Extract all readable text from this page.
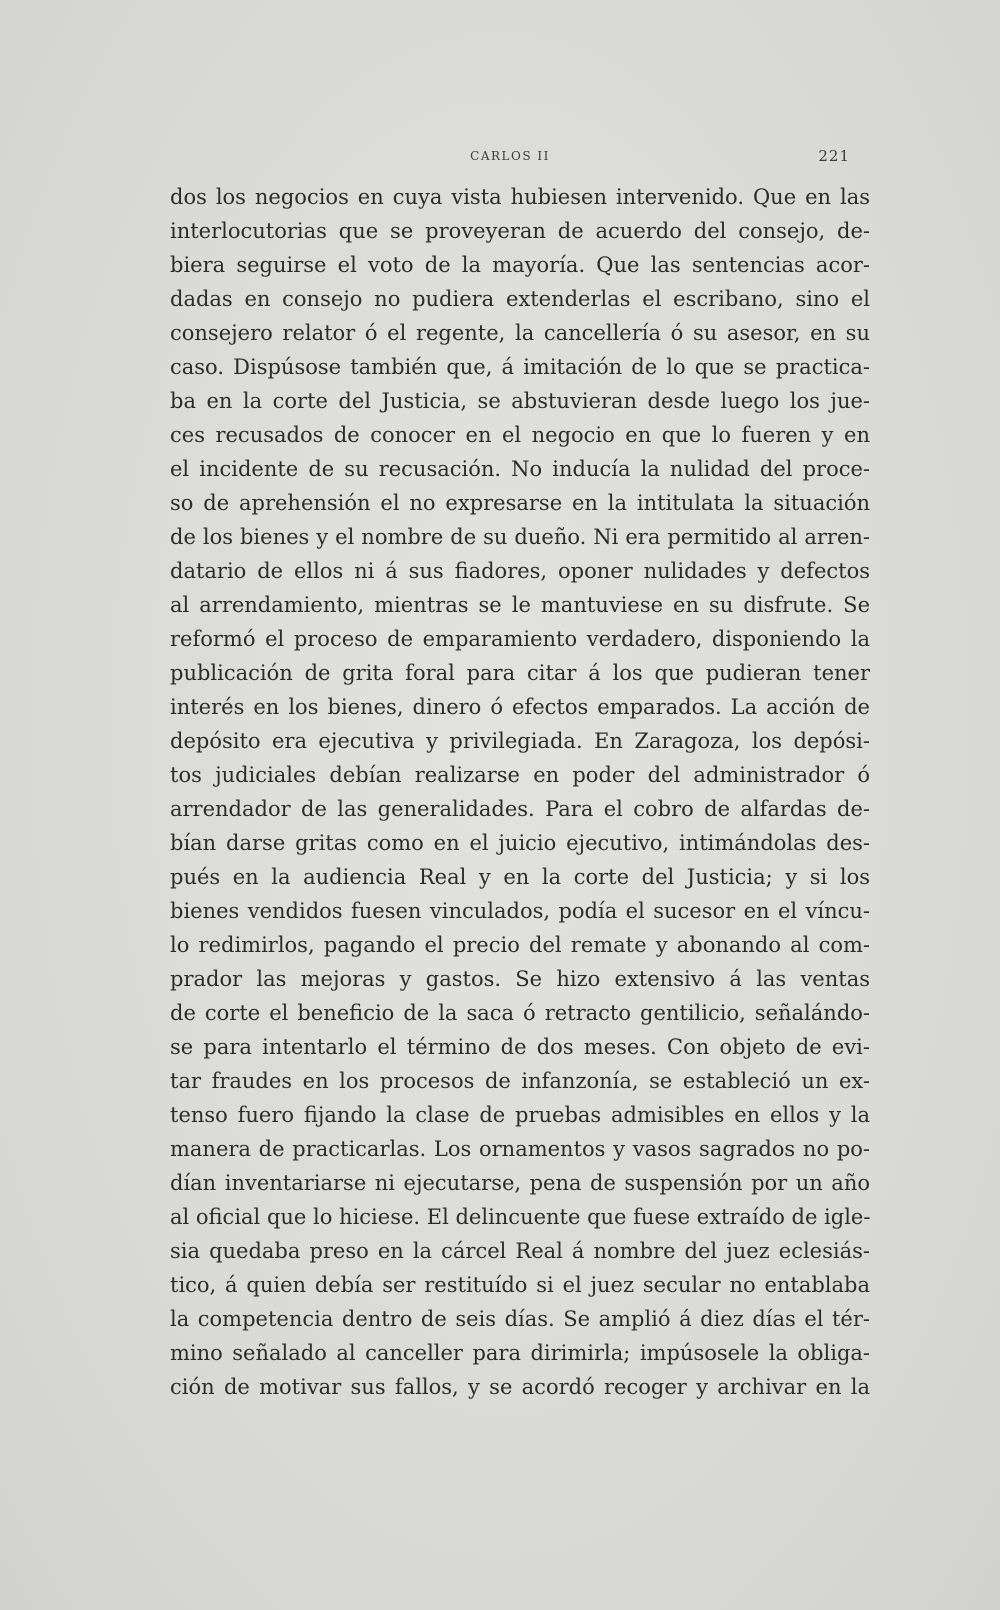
CARLOS II	221
dos los negocios en cuya vista hubiesen intervenido. Que en las
interlocutorias que se proveyeran de acuerdo del consejo, de-
biera seguirse el voto de la mayoría. Que las sentencias acor-
dadas en consejo no pudiera extenderlas el escribano, sino el
consejero relator ó el regente, la cancellería ó su asesor, en su
caso. Dispúsose también que, á imitación de lo que se practica-
ba en la corte del Justicia, se abstuvieran desde luego los jue-
ces recusados de conocer en el negocio en que lo fueren y en
el incidente de su recusación. No inducía la nulidad del proce-
so de aprehensión el no expresarse en la intitulata la situación
de los bienes y el nombre de su dueño. Ni era permitido al arren-
datario de ellos ni á sus fiadores, oponer nulidades y defectos
al arrendamiento, mientras se le mantuviese en su disfrute. Se
reformó el proceso de emparamiento verdadero, disponiendo la
publicación de grita foral para citar á los que pudieran tener
interés en los bienes, dinero ó efectos emparados. La acción de
depósito era ejecutiva y privilegiada. En Zaragoza, los depósi-
tos judiciales debían realizarse en poder del administrador ó
arrendador de las generalidades. Para el cobro de alfardas de-
bían darse gritas como en el juicio ejecutivo, intimándolas des-
pués en la audiencia Real y en la corte del Justicia; y si los
bienes vendidos fuesen vinculados, podía el sucesor en el víncu-
lo redimirlos, pagando el precio del remate y abonando al com-
prador las mejoras y gastos. Se hizo extensivo á las ventas
de corte el beneficio de la saca ó retracto gentilicio, señalándo-
se para intentarlo el término de dos meses. Con objeto de evi-
tar fraudes en los procesos de infanzonía, se estableció un ex-
tenso fuero fijando la clase de pruebas admisibles en ellos y la
manera de practicarlas. Los ornamentos y vasos sagrados no po-
dían inventariarse ni ejecutarse, pena de suspensión por un año
al oficial que lo hiciese. El delincuente que fuese extraído de igle-
sia quedaba preso en la cárcel Real á nombre del juez eclesiás-
tico, á quien debía ser restituído si el juez secular no entablaba
la competencia dentro de seis días. Se amplió á diez días el tér-
mino señalado al canceller para dirimirla; impúsosele la obliga-
ción de motivar sus fallos, y se acordó recoger y archivar en la
